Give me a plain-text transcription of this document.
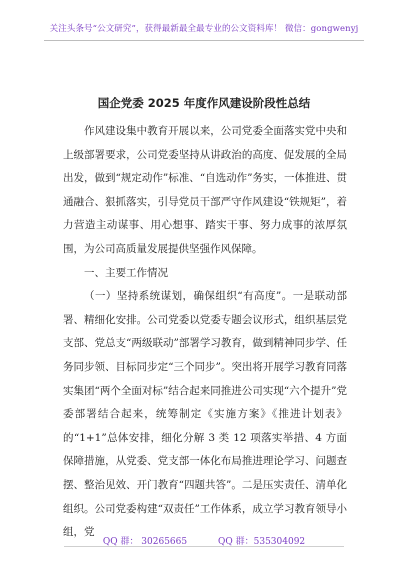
关注头条号“公文研究”，获得最新最全最专业的公文资料库！ 微信：gongwenyj
国企党委 2025 年度作风建设阶段性总结

作风建设集中教育开展以来，公司党委全面落实党中央和上级部署要求，公司党委坚持从讲政治的高度、促发展的全局出发，做到“规定动作”标准、“自选动作”务实，一体推进、贯通融合、狠抓落实，引导党员干部严守作风建设“铁规矩”，着力营造主动谋事、用心想事、踏实干事、努力成事的浓厚氛围，为公司高质量发展提供坚强作风保障。

一、主要工作情况

（一）坚持系统谋划，确保组织“有高度”。一是联动部署、精细化安排。公司党委以党委专题会议形式，组织基层党支部、党总支“两级联动”部署学习教育，做到精神同步学、任务同步领、目标同步定“三个同步”。突出将开展学习教育同落实集团“两个全面对标”结合起来同推进公司实现“六个提升”党委部署结合起来，统筹制定《实施方案》《推进计划表》的“1+1”总体安排，细化分解 3 类 12 项落实举措、4 方面保障措施，从党委、党支部一体化布局推进理论学习、问题查摆、整治见效、开门教育“四题共答”。二是压实责任、清单化组织。公司党委构建“双责任”工作体系，成立学习教育领导小组，党

QQ 群： 30265665	QQ 群：535304092
